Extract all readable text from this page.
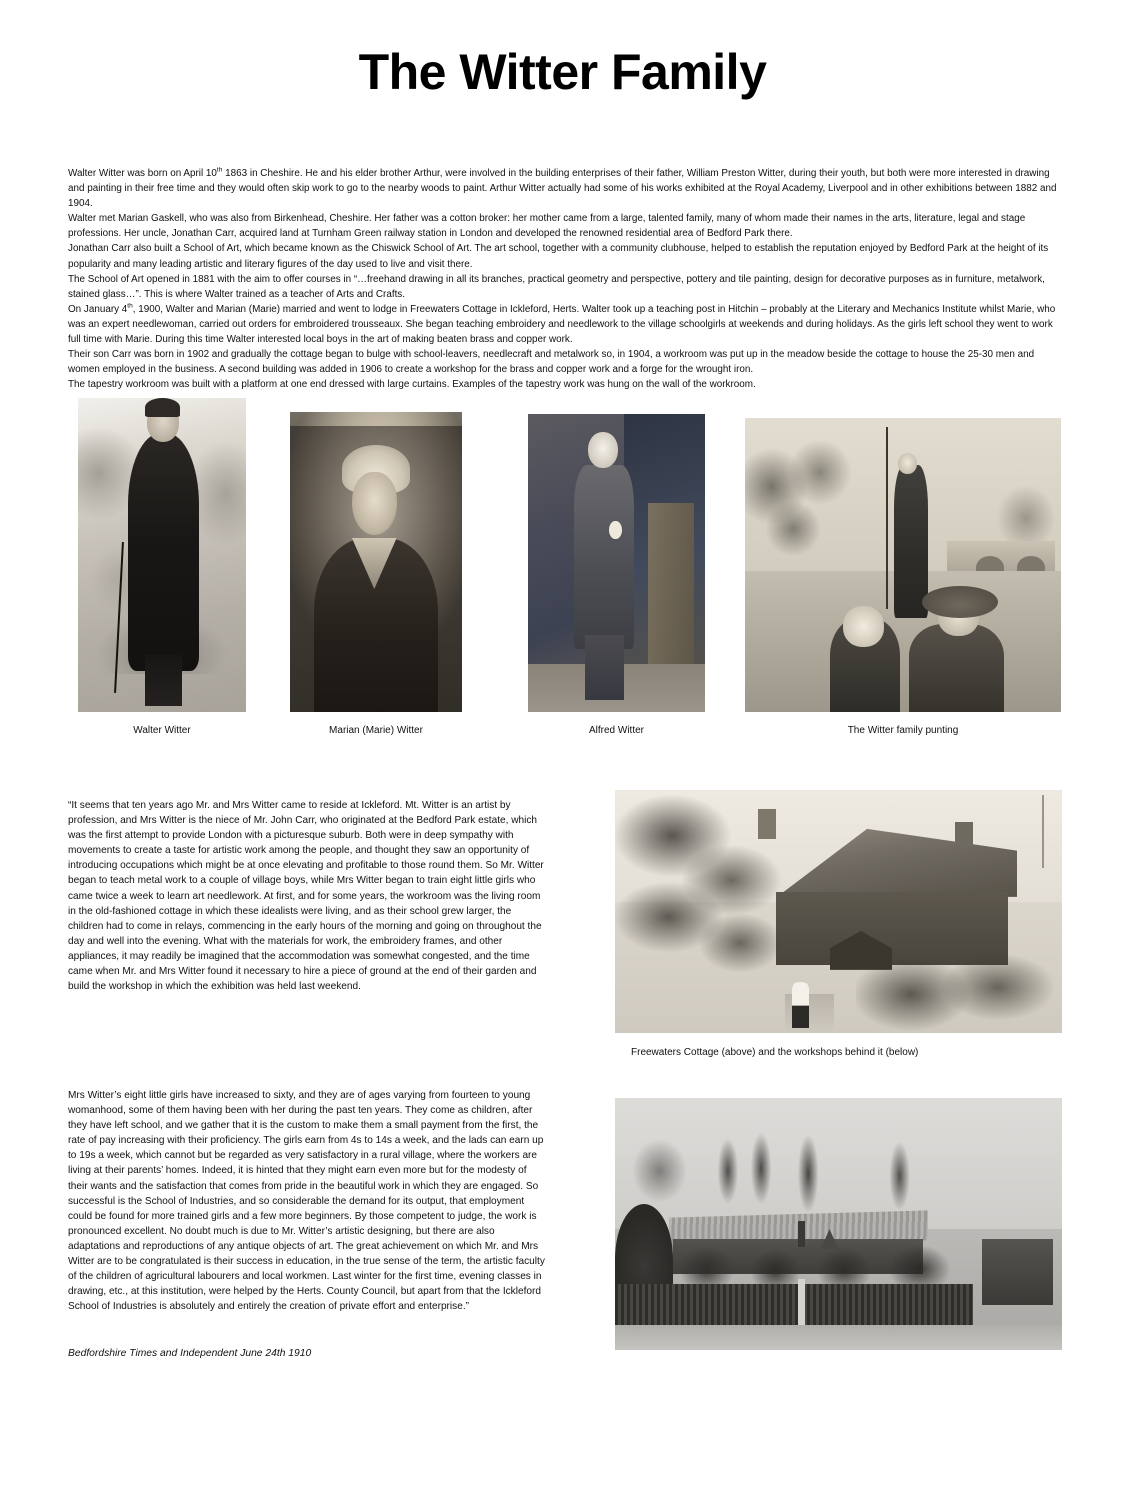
The Witter Family

Walter Witter was born on April 10th 1863 in Cheshire. He and his elder brother Arthur, were involved in the building enterprises of their father, William Preston Witter, during their youth, but both were more interested in drawing and painting in their free time and they would often skip work to go to the nearby woods to paint. Arthur Witter actually had some of his works exhibited at the Royal Academy, Liverpool and in other exhibitions between 1882 and 1904.

Walter met Marian Gaskell, who was also from Birkenhead, Cheshire. Her father was a cotton broker: her mother came from a large, talented family, many of whom made their names in the arts, literature, legal and stage professions. Her uncle, Jonathan Carr, acquired land at Turnham Green railway station in London and developed the renowned residential area of Bedford Park there.

Jonathan Carr also built a School of Art, which became known as the Chiswick School of Art. The art school, together with a community clubhouse, helped to establish the reputation enjoyed by Bedford Park at the height of its popularity and many leading artistic and literary figures of the day used to live and visit there.

The School of Art opened in 1881 with the aim to offer courses in “…freehand drawing in all its branches, practical geometry and perspective, pottery and tile painting, design for decorative purposes as in furniture, metalwork, stained glass…”. This is where Walter trained as a teacher of Arts and Crafts.

On January 4th, 1900, Walter and Marian (Marie) married and went to lodge in Freewaters Cottage in Ickleford, Herts. Walter took up a teaching post in Hitchin – probably at the Literary and Mechanics Institute whilst Marie, who was an expert needlewoman, carried out orders for embroidered trousseaux. She began teaching embroidery and needlework to the village schoolgirls at weekends and during holidays. As the girls left school they went to work full time with Marie. During this time Walter interested local boys in the art of making beaten brass and copper work.

Their son Carr was born in 1902 and gradually the cottage began to bulge with school-leavers, needlecraft and metalwork so, in 1904, a workroom was put up in the meadow beside the cottage to house the 25-30 men and women employed in the business. A second building was added in 1906 to create a workshop for the brass and copper work and a forge for the wrought iron.

The tapestry workroom was built with a platform at one end dressed with large curtains. Examples of the tapestry work was hung on the wall of the workroom.

Walter Witter	Marian (Marie) Witter	Alfred Witter	The Witter family punting

“It seems that ten years ago Mr. and Mrs Witter came to reside at Ickleford. Mt. Witter is an artist by profession, and Mrs Witter is the niece of Mr. John Carr, who originated at the Bedford Park estate, which was the first attempt to provide London with a picturesque suburb. Both were in deep sympathy with movements to create a taste for artistic work among the people, and thought they saw an opportunity of introducing occupations which might be at once elevating and profitable to those round them. So Mr. Witter began to teach metal work to a couple of village boys, while Mrs Witter began to train eight little girls who came twice a week to learn art needlework. At first, and for some years, the workroom was the living room in the old-fashioned cottage in which these idealists were living, and as their school grew larger, the children had to come in relays, commencing in the early hours of the morning and going on throughout the day and well into the evening. What with the materials for work, the embroidery frames, and other appliances, it may readily be imagined that the accommodation was somewhat congested, and the time came when Mr. and Mrs Witter found it necessary to hire a piece of ground at the end of their garden and build the workshop in which the exhibition was held last weekend.

Mrs Witter’s eight little girls have increased to sixty, and they are of ages varying from fourteen to young womanhood, some of them having been with her during the past ten years. They come as children, after they have left school, and we gather that it is the custom to make them a small payment from the first, the rate of pay increasing with their proficiency. The girls earn from 4s to 14s a week, and the lads can earn up to 19s a week, which cannot but be regarded as very satisfactory in a rural village, where the workers are living at their parents’ homes. Indeed, it is hinted that they might earn even more but for the modesty of their wants and the satisfaction that comes from pride in the beautiful work in which they are engaged. So successful is the School of Industries, and so considerable the demand for its output, that employment could be found for more trained girls and a few more beginners. By those competent to judge, the work is pronounced excellent. No doubt much is due to Mr. Witter’s artistic designing, but there are also adaptations and reproductions of any antique objects of art. The great achievement on which Mr. and Mrs Witter are to be congratulated is their success in education, in the true sense of the term, the artistic faculty of the children of agricultural labourers and local workmen. Last winter for the first time, evening classes in drawing, etc., at this institution, were helped by the Herts. County Council, but apart from that the Ickleford School of Industries is absolutely and entirely the creation of private effort and enterprise.”

Bedfordshire Times and Independent June 24th 1910
Freewaters Cottage (above) and the workshops behind it (below)
